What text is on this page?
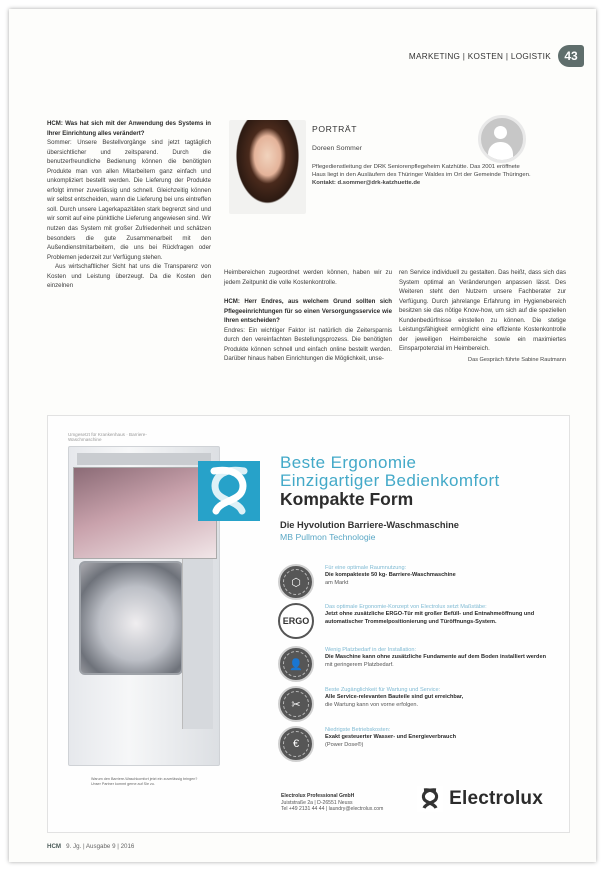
MARKETING | KOSTEN | LOGISTIK	43

HCM: Was hat sich mit der Anwendung des Systems in Ihrer Einrichtung alles verändert?

Sommer: Unsere Bestellvorgänge sind jetzt tagtäglich übersichtlicher und zeitsparend. Durch die benutzerfreundliche Bedienung können die benötigten Produkte man von allen Mitarbeitern ganz einfach und unkompliziert bestellt werden. Die Lieferung der Produkte erfolgt immer zuverlässig und schnell. Gleichzeitig können wir selbst entscheiden, wann die Lieferung bei uns eintreffen soll. Durch unsere Lagerkapazitäten stark begrenzt sind und wir somit auf eine pünktliche Lieferung angewiesen sind. Wir nutzen das System mit großer Zufriedenheit und schätzen besonders die gute Zusammenarbeit mit den Außendienstmitarbeitern, die uns bei Rückfragen oder Problemen jederzeit zur Verfügung stehen.

Aus wirtschaftlicher Sicht hat uns die Transparenz von Kosten und Leistung überzeugt. Da die Kosten den einzelnen

PORTRÄT
Doreen Sommer
Pflegedienstleitung der DRK Seniorenpflegeheim Katzhütte. Das 2001 eröffnete Haus liegt in den Ausläufern des Thüringer Waldes im Ort der Gemeinde Thüringen.
Kontakt: d.sommer@drk-katzhuette.de

Heimbereichen zugeordnet werden können, haben wir zu jedem Zeitpunkt die volle Kostenkontrolle.

HCM: Herr Endres, aus welchem Grund sollten sich Pflegeeinrichtungen für so einen Versorgungsservice wie Ihren entscheiden?

Endres: Ein wichtiger Faktor ist natürlich die Zeitersparnis durch den vereinfachten Bestellungsprozess. Die benötigten Produkte können schnell und einfach online bestellt werden. Darüber hinaus haben Einrichtungen die Möglichkeit, unse-

ren Service individuell zu gestalten. Das heißt, dass sich das System optimal an Veränderungen anpassen lässt. Des Weiteren steht den Nutzern unsere Fachberater zur Verfügung. Durch jahrelange Erfahrung im Hygienebereich besitzen sie das nötige Know-how, um sich auf die speziellen Kundenbedürfnisse einstellen zu können. Die stetige Leistungsfähigkeit ermöglicht eine effiziente Kostenkontrolle der jeweiligen Heimbereiche sowie ein maximiertes Einsparpotenzial im Heimbereich.

Das Gespräch führte Sabine Rautmann

Umgesetzt für Krankenhaus · Barriere-Waschmaschine
Warum den Barriere-Waschkomfort jetzt ein zuverlässig bringen? Unser Partner kommt gerne auf Sie zu.
Beste Ergonomie
Einzigartiger Bedienkomfort
Kompakte Form
Die Hyvolution Barriere-Waschmaschine
MB Pullmon Technologie
⬡
Für eine optimale Raumnutzung:
Die kompakteste 50 kg- Barriere-Waschmaschine
am Markt
ERGO
Das optimale Ergonomie-Konzept von Electrolux setzt Maßstäbe:
Jetzt ohne zusätzliche ERGO-Tür mit großer Befüll- und Entnahmeöffnung und automatischer Trommelpositionierung und Türöffnungs-System.
👤
Wenig Platzbedarf in der Installation:
Die Maschine kann ohne zusätzliche Fundamente auf dem Boden installiert werden
mit geringerem Platzbedarf.
✂
Beste Zugänglichkeit für Wartung und Service:
Alle Service-relevanten Bauteile sind gut erreichbar,
die Wartung kann von vorne erfolgen.
€
Niedrigste Betriebskosten:
Exakt gesteuerter Wasser- und Energieverbrauch
(Power Dose®)
Electrolux Professional GmbH
Juiststraße 2a | D-26551 Neuss
Tel +49 2131 44 44 | laundry@electrolux.com
Electrolux
HCM 9. Jg. | Ausgabe 9 | 2016
